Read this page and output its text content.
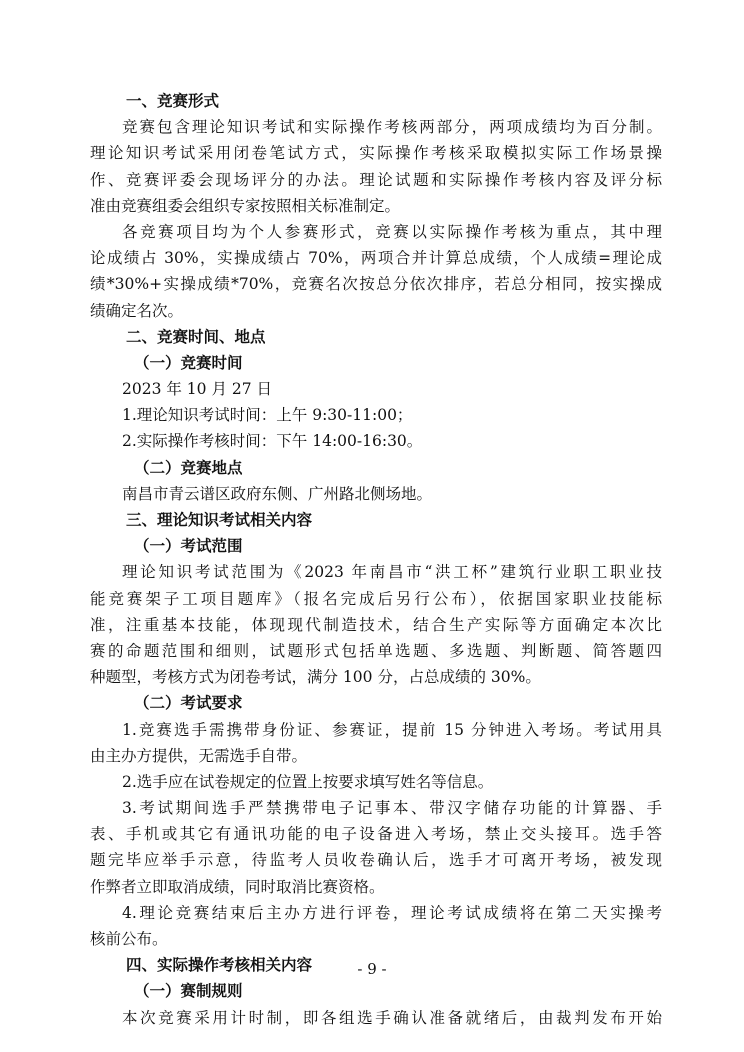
一、竞赛形式
竞赛包含理论知识考试和实际操作考核两部分，两项成绩均为百分制。
理论知识考试采用闭卷笔试方式，实际操作考核采取模拟实际工作场景操
作、竞赛评委会现场评分的办法。理论试题和实际操作考核内容及评分标
准由竞赛组委会组织专家按照相关标准制定。
各竞赛项目均为个人参赛形式，竞赛以实际操作考核为重点，其中理
论成绩占 30%，实操成绩占 70%，两项合并计算总成绩，个人成绩=理论成
绩*30%+实操成绩*70%，竞赛名次按总分依次排序，若总分相同，按实操成
绩确定名次。
二、竞赛时间、地点
（一）竞赛时间
2023 年 10 月 27 日
1.理论知识考试时间：上午 9:30-11:00；
2.实际操作考核时间：下午 14:00-16:30。
（二）竞赛地点
南昌市青云谱区政府东侧、广州路北侧场地。
三、理论知识考试相关内容
（一）考试范围
理论知识考试范围为《2023 年南昌市“洪工杯”建筑行业职工职业技
能竞赛架子工项目题库》（报名完成后另行公布），依据国家职业技能标
准，注重基本技能，体现现代制造技术，结合生产实际等方面确定本次比
赛的命题范围和细则，试题形式包括单选题、多选题、判断题、简答题四
种题型，考核方式为闭卷考试，满分 100 分，占总成绩的 30%。
（二）考试要求
1.竞赛选手需携带身份证、参赛证，提前 15 分钟进入考场。考试用具
由主办方提供，无需选手自带。
2.选手应在试卷规定的位置上按要求填写姓名等信息。
3.考试期间选手严禁携带电子记事本、带汉字储存功能的计算器、手
表、手机或其它有通讯功能的电子设备进入考场，禁止交头接耳。选手答
题完毕应举手示意，待监考人员收卷确认后，选手才可离开考场，被发现
作弊者立即取消成绩，同时取消比赛资格。
4.理论竞赛结束后主办方进行评卷，理论考试成绩将在第二天实操考
核前公布。
四、实际操作考核相关内容
（一）赛制规则
本次竞赛采用计时制，即各组选手确认准备就绪后，由裁判发布开始
- 9 -
